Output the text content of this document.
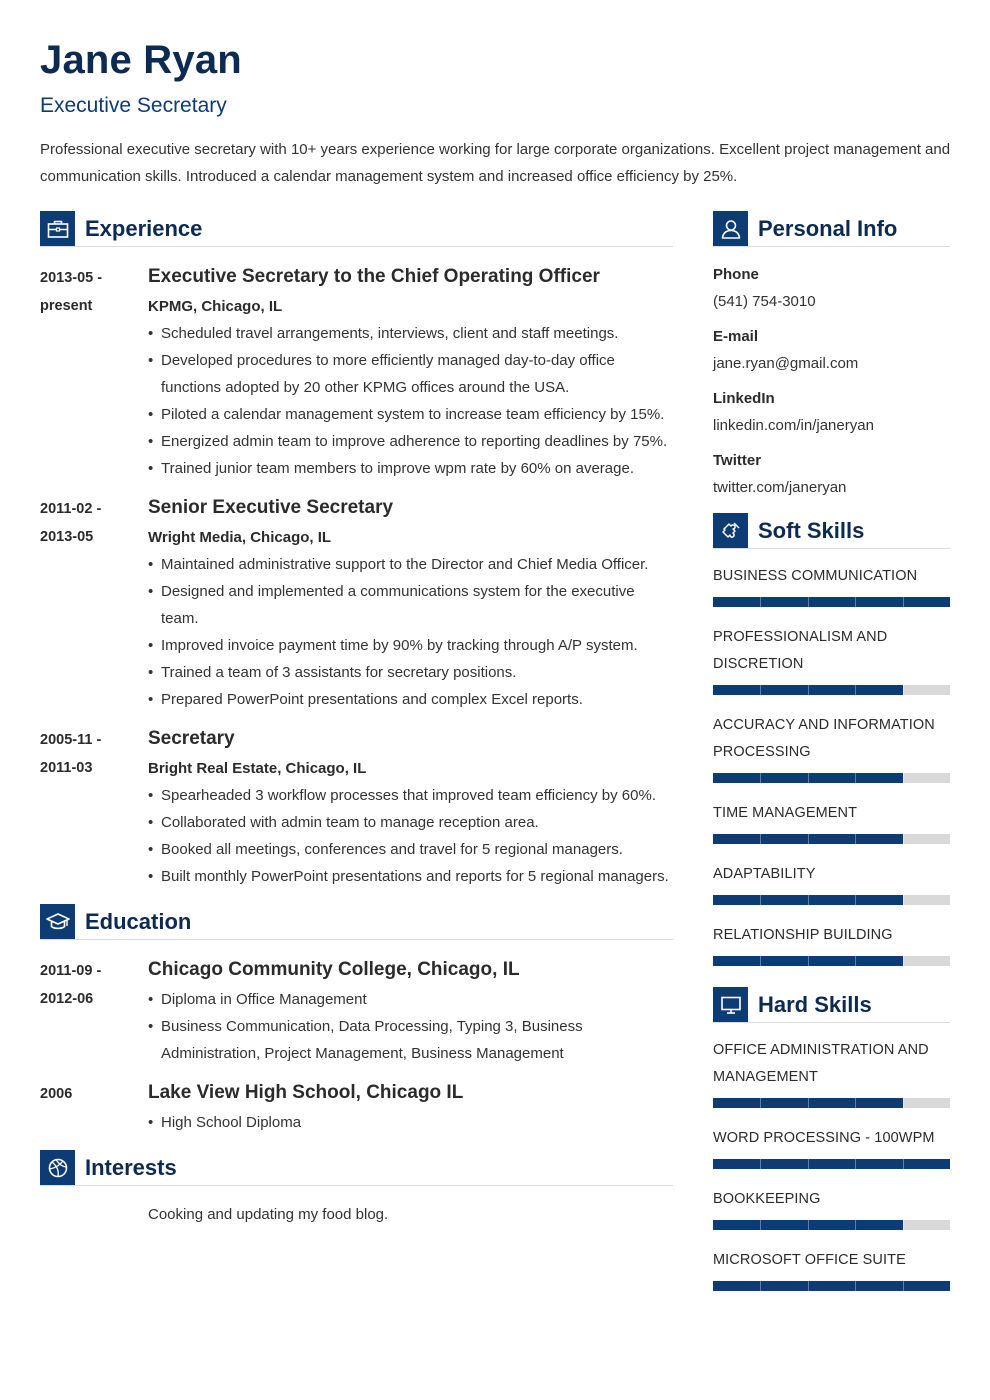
Jane Ryan
Executive Secretary
Professional executive secretary with 10+ years experience working for large corporate organizations. Excellent project management and communication skills. Introduced a calendar management system and increased office efficiency by 25%.
Experience
2013-05 - present
Executive Secretary to the Chief Operating Officer
KPMG, Chicago, IL
• Scheduled travel arrangements, interviews, client and staff meetings.
• Developed procedures to more efficiently managed day-to-day office functions adopted by 20 other KPMG offices around the USA.
• Piloted a calendar management system to increase team efficiency by 15%.
• Energized admin team to improve adherence to reporting deadlines by 75%.
• Trained junior team members to improve wpm rate by 60% on average.
2011-02 - 2013-05
Senior Executive Secretary
Wright Media, Chicago, IL
• Maintained administrative support to the Director and Chief Media Officer.
• Designed and implemented a communications system for the executive team.
• Improved invoice payment time by 90% by tracking through A/P system.
• Trained a team of 3 assistants for secretary positions.
• Prepared PowerPoint presentations and complex Excel reports.
2005-11 - 2011-03
Secretary
Bright Real Estate, Chicago, IL
• Spearheaded 3 workflow processes that improved team efficiency by 60%.
• Collaborated with admin team to manage reception area.
• Booked all meetings, conferences and travel for 5 regional managers.
• Built monthly PowerPoint presentations and reports for 5 regional managers.
Education
2011-09 - 2012-06
Chicago Community College, Chicago, IL
• Diploma in Office Management
• Business Communication, Data Processing, Typing 3, Business Administration, Project Management, Business Management
2006	Lake View High School, Chicago IL
• High School Diploma
Interests
Cooking and updating my food blog.
Personal Info
Phone
(541) 754-3010
E-mail
jane.ryan@gmail.com
LinkedIn
linkedin.com/in/janeryan
Twitter
twitter.com/janeryan
Soft Skills
BUSINESS COMMUNICATION
PROFESSIONALISM AND DISCRETION
ACCURACY AND INFORMATION PROCESSING
TIME MANAGEMENT
ADAPTABILITY
RELATIONSHIP BUILDING
Hard Skills
OFFICE ADMINISTRATION AND MANAGEMENT
WORD PROCESSING - 100WPM
BOOKKEEPING
MICROSOFT OFFICE SUITE
